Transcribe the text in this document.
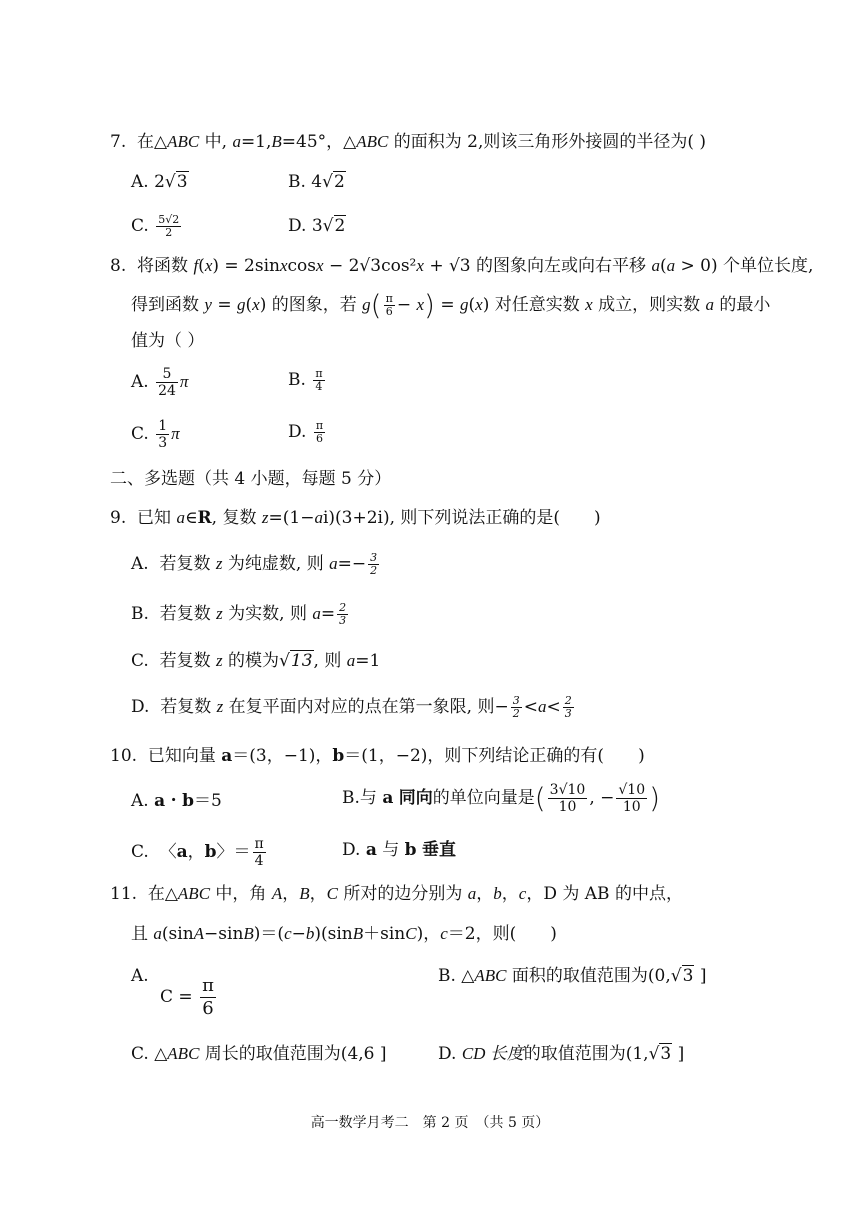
7.  在△ABC 中, a=1,B=45°，△ABC 的面积为 2,则该三角形外接圆的半径为( )
A. 2√3	B. 4√2
C. $\frac{5√2}{2}$	D. 3√2
8.  将函数 f(x) = 2sinxcosx − 2√3cos²x + √3 的图象向左或向右平移 a(a > 0) 个单位长度,
得到函数 y = g(x) 的图象，若 $g( \frac{\pi}{6} - x) = g(x)$ 对任意实数 x 成立，则实数 a 的最小
值为（ ）
A. $\frac{5}{24}$ π	B. $\frac{\pi}{4}$
C. $\frac{1}{3}$ π	D. $\frac{\pi}{6}$
二、多选题（共 4 小题，每题 5 分）
9.  已知 a∈R, 复数 z=(1−ai)(3+2i), 则下列说法正确的是(　　)
A.  若复数 z 为纯虚数, 则 $a=- \frac{3}{2}$
B.  若复数 z 为实数, 则 $a= \frac{2}{3}$
C.  若复数 z 的模为√13, 则 a=1
D.  若复数 z 在复平面内对应的点在第一象限, 则− $\frac{3}{2} <a< \frac{2}{3}$
10.  已知向量 a＝(3，−1)，b＝(1，−2)，则下列结论正确的有(　　)
A. a・b＝5	B.与 a 同向的单位向量是( $\frac{3√10}{10}$ , − $\frac{√10}{10}$ )
C.  〈a，b〉＝ $\frac{\pi}{4}$	D. a 与 b 垂直
11.  在△ABC 中，角 A，B，C 所对的边分别为 a，b，c，D 为 AB 的中点，
且 a(sinA−sinB)＝(c−b)(sinB＋sinC)，c＝2，则(　　)
A.
$C = \frac{\pi}{6}$	B. △ABC 面积的取值范围为(0,√3 ]
C. △ABC 周长的取值范围为(4,6 ]	D. CD 长度的取值范围为(1,√3 ]
高一数学月考二　第 2 页　（共 5 页）
